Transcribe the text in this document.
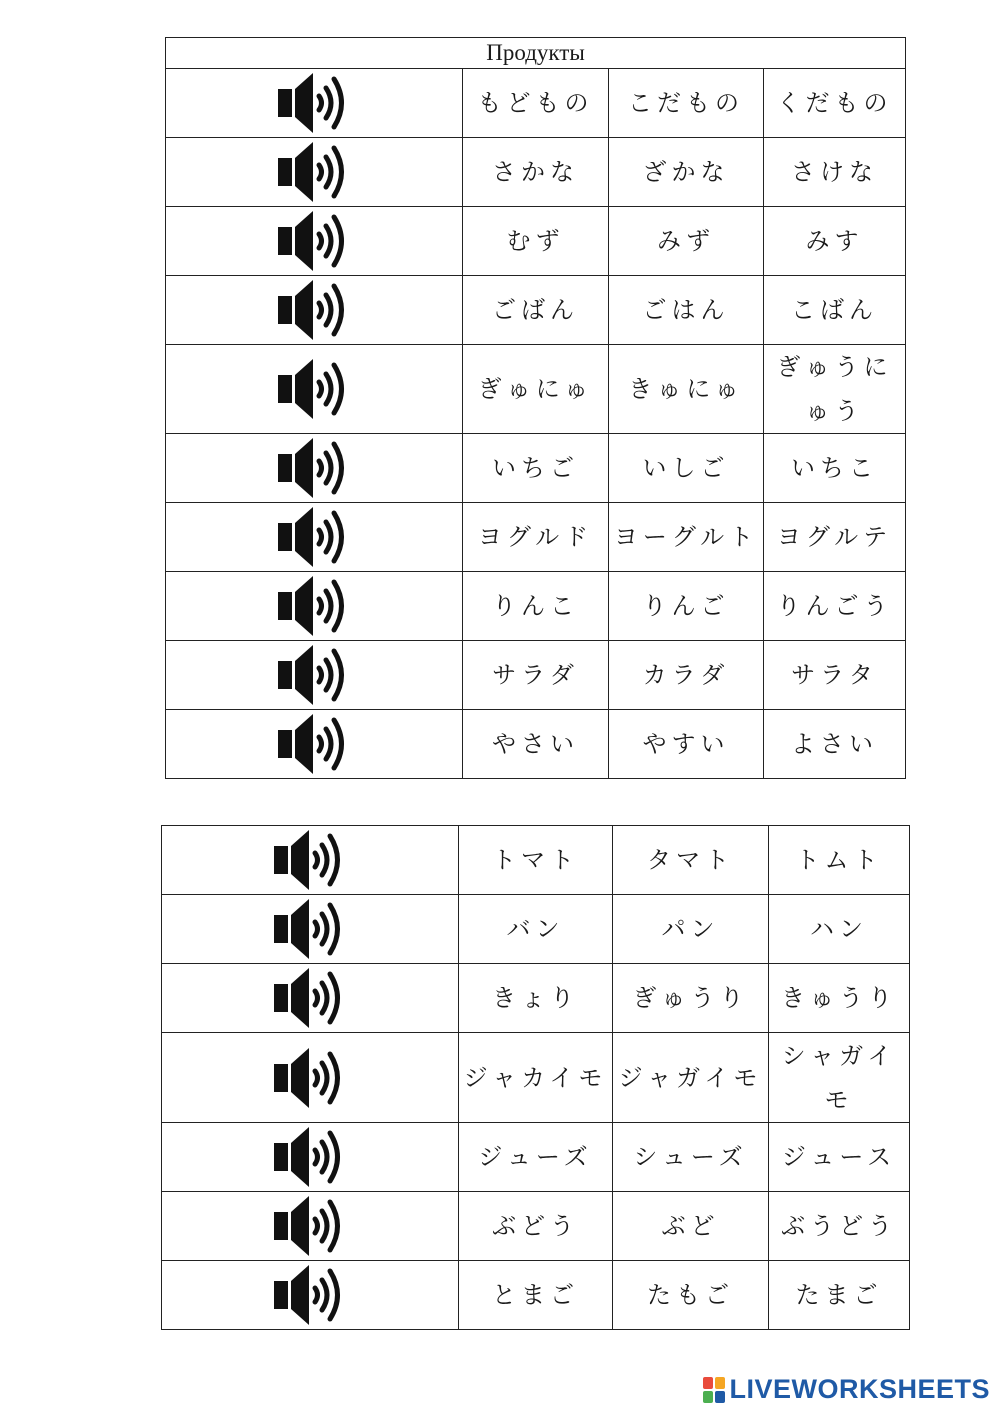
Продукты			
	もどもの	こだもの	くだもの
	さかな	ざかな	さけな
	むず	みず	みす
	ごばん	ごはん	こばん
	ぎゅにゅ	きゅにゅ	ぎゅうにゅう
	いちご	いしご	いちこ
	ヨグルド	ヨーグルト	ヨグルテ
	りんこ	りんご	りんごう
	サラダ	カラダ	サラタ
	やさい	やすい	よさい
	トマト	タマト	トムト
	バン	パン	ハン
	きょり	ぎゅうり	きゅうり
	ジャカイモ	ジャガイモ	シャガイモ
	ジューズ	シューズ	ジュース
	ぶどう	ぶど	ぶうどう
	とまご	たもご	たまご
LIVEWORKSHEETS
